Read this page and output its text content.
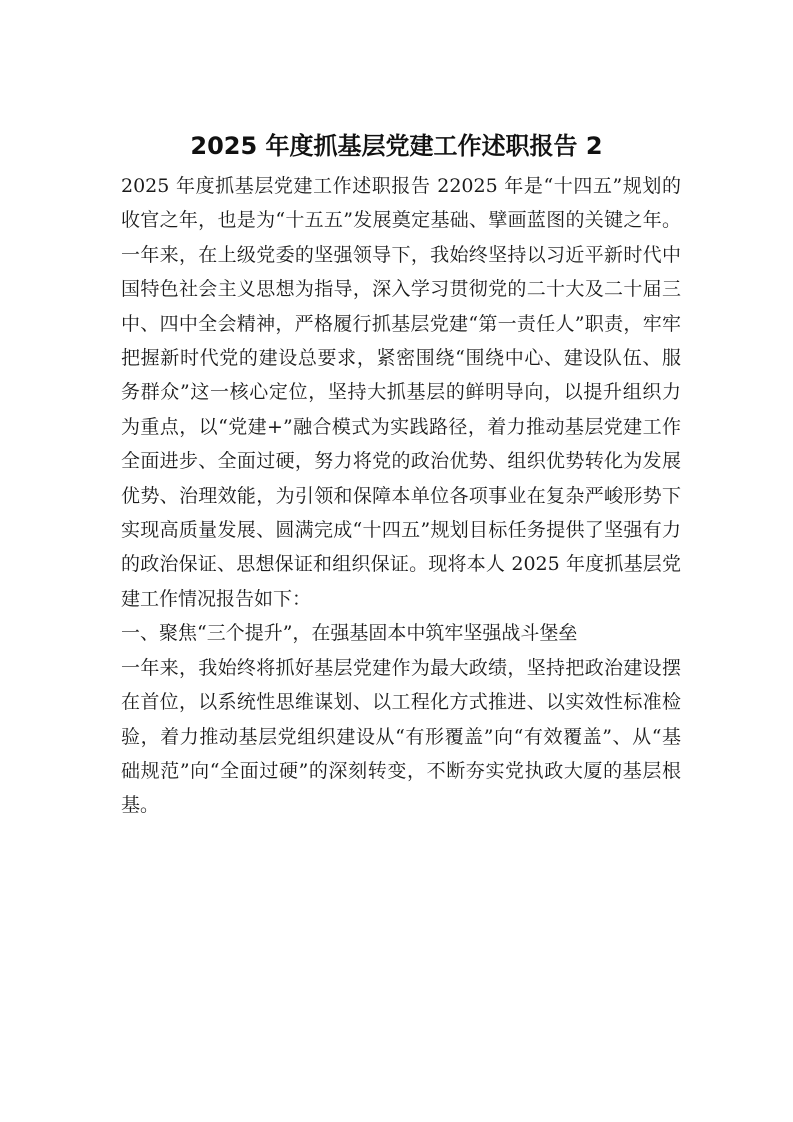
2025 年度抓基层党建工作述职报告 2

2025 年度抓基层党建工作述职报告 22025 年是“十四五”规划的收官之年，也是为“十五五”发展奠定基础、擘画蓝图的关键之年。一年来，在上级党委的坚强领导下，我始终坚持以习近平新时代中国特色社会主义思想为指导，深入学习贯彻党的二十大及二十届三中、四中全会精神，严格履行抓基层党建“第一责任人”职责，牢牢把握新时代党的建设总要求，紧密围绕“围绕中心、建设队伍、服务群众”这一核心定位，坚持大抓基层的鲜明导向，以提升组织力为重点，以“党建+”融合模式为实践路径，着力推动基层党建工作全面进步、全面过硬，努力将党的政治优势、组织优势转化为发展优势、治理效能，为引领和保障本单位各项事业在复杂严峻形势下实现高质量发展、圆满完成“十四五”规划目标任务提供了坚强有力的政治保证、思想保证和组织保证。现将本人 2025 年度抓基层党建工作情况报告如下：

一、聚焦“三个提升”，在强基固本中筑牢坚强战斗堡垒

一年来，我始终将抓好基层党建作为最大政绩，坚持把政治建设摆在首位，以系统性思维谋划、以工程化方式推进、以实效性标准检验，着力推动基层党组织建设从“有形覆盖”向“有效覆盖”、从“基础规范”向“全面过硬”的深刻转变，不断夯实党执政大厦的基层根基。
